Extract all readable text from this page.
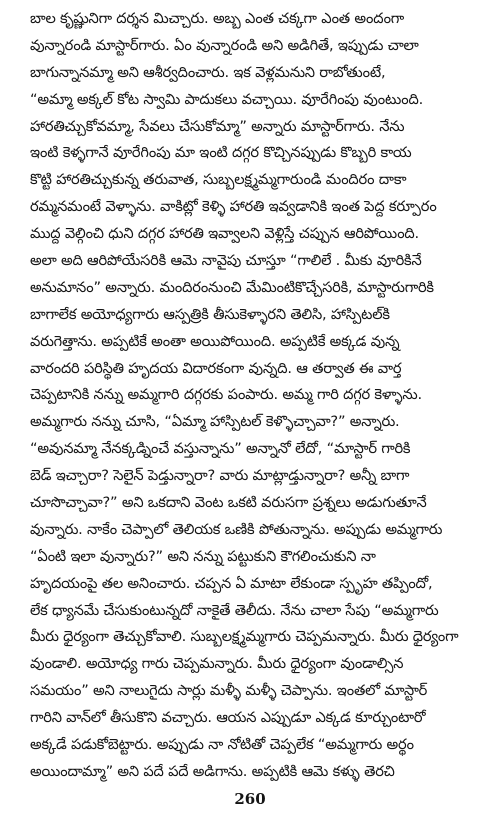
బాల కృష్ణునిగా దర్శన మిచ్చారు. అబ్బ ఎంత చక్కగా ఎంత అందంగా
వున్నారండి మాస్టార్‌గారు. ఏం వున్నారండి అని అడిగితే, ఇప్పుడు చాలా
బాగున్నానమ్మా అని ఆశీర్వదించారు. ఇక వెళ్లమనుని రాబోతుంటే,
“అమ్మా అక్కల్ కోట స్వామి పాదుకలు వచ్చాయి. వూరేగింపు వుంటుంది.
హారతిచ్చుకోవమ్మా, సేవలు చేసుకోమ్మా” అన్నారు మాస్టార్‌గారు. నేను
ఇంటి కెళ్ళగానే వూరేగింపు మా ఇంటి దగ్గర కొచ్చినప్పుడు కొబ్బరి కాయ
కొట్టి హారతిచ్చుకున్న తరువాత, సుబ్బలక్ష్మమ్మగారుండి మందిరం దాకా
రమ్మనమంటే వెళ్ళాను. వాకిట్లో కెళ్ళి హారతి ఇవ్వడానికి ఇంత పెద్ద కర్పూరం
ముద్ద వెల్గించి ధుని దగ్గర హారతి ఇవ్వాలని వెళ్లిస్తే చప్పున ఆరిపోయింది.
అలా అది ఆరిపోయేసరికి ఆమె నావైపు చూస్తూ “గాలిలే . మీకు వూరికినే
అనుమానం” అన్నారు. మందిరంనుంచి మేమింటికొచ్చేసరికి, మాస్టారుగారికి
బాగాలేక అయోధ్యగారు ఆస్పత్రికి తీసుకెళ్ళారని తెలిసి, హాస్పిటల్‌కి
వరుగెత్తాను. అప్పటికే అంతా అయిపోయింది. అప్పటికే అక్కడ వున్న
వారందరి పరిస్థితి హృదయ విదారకంగా వున్నది. ఆ తర్వాత ఈ వార్త
చెప్పటానికి నన్ను అమ్మగారి దగ్గరకు పంపారు. అమ్మ గారి దగ్గర కెళ్ళాను.
అమ్మగారు నన్ను చూసి, “ఏమ్మా హాస్పిటల్ కెళ్ళొచ్చావా?” అన్నారు.
“అవునమ్మా నేనక్కడ్నించే వస్తున్నాను” అన్నానో లేదో, “మాస్టార్ గారికి
బెడ్ ఇచ్చారా? సెలైన్ పెడ్తున్నారా? వారు మాట్లాడ్తున్నారా? అన్నీ బాగా
చూసొచ్చావా?” అని ఒకదాని వెంట ఒకటి వరుసగా ప్రశ్నలు అడుగుతూనే
వున్నారు. నాకేం చెప్పాలో తెలియక ఒణికి పోతున్నాను. అప్పుడు అమ్మగారు
“ఏంటి ఇలా వున్నారు?” అని నన్ను పట్టుకుని కౌగలించుకుని నా
హృదయంపై తల అనించారు. చప్పన ఏ మాటా లేకుండా స్పృహ తప్పిందో,
లేక ధ్యానమే చేసుకుంటున్నదో నాకైతే తెలీదు. నేను చాలా సేపు “అమ్మగారు
మీరు ధైర్యంగా తెచ్చుకోవాలి. సుబ్బలక్ష్మమ్మగారు చెప్పమన్నారు. మీరు ధైర్యంగా
వుండాలి. అయోధ్య గారు చెప్పమన్నారు. మీరు ధైర్యంగా వుండాల్సిన
సమయం” అని నాలుగైదు సార్లు మళ్ళీ మళ్ళీ చెప్పాను. ఇంతలో మాస్టార్
గారిని వాన్‌లో తీసుకొని వచ్చారు. ఆయన ఎప్పుడూ ఎక్కడ కూర్చుంటారో
అక్కడే పడుకోబెట్టారు. అప్పుడు నా నోటితో చెప్పలేక “అమ్మగారు అర్థం
అయిందామ్మా” అని పదే పదే అడిగాను. అప్పటికి ఆమె కళ్ళు తెరచి
260
